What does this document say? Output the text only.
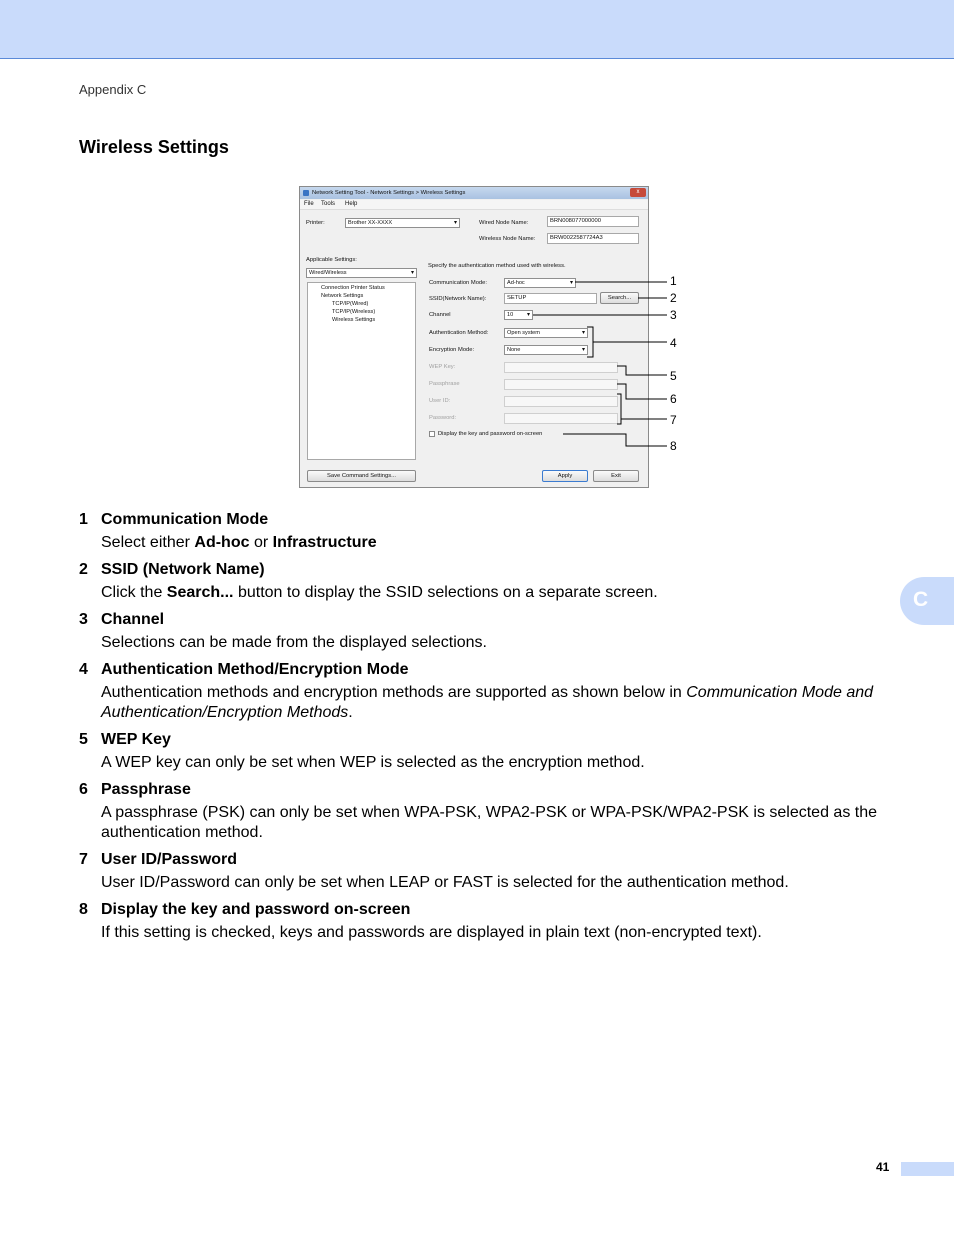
Appendix C
Wireless Settings
Network Setting Tool - Network Settings > Wireless Settings	x
File Tools Help
Printer:	Brother XX-XXXX ▾	Wired Node Name:	BRN008077000000
Wireless Node Name:	BRW0022587724A3
Applicable Settings:
Wired/Wireless ▾
Connection Printer Status
Network Settings
TCP/IP(Wired)
TCP/IP(Wireless)
Wireless Settings
Specify the authentication method used with wireless.
Communication Mode:	Ad-hoc ▾
SSID(Network Name):	SETUP	Search...
Channel	10 ▾
Authentication Method:	Open system ▾
Encryption Mode:	None ▾
WEP Key:
Passphrase
User ID:
Password:
Display the key and password on-screen
Save Command Settings...	Apply	Exit
1
2
3
4
5
6
7
8
1 Communication Mode
Select either Ad-hoc or Infrastructure
2 SSID (Network Name)
Click the Search... button to display the SSID selections on a separate screen.
3 Channel
Selections can be made from the displayed selections.
4 Authentication Method/Encryption Mode
Authentication methods and encryption methods are supported as shown below in Communication Mode and Authentication/Encryption Methods.
5 WEP Key
A WEP key can only be set when WEP is selected as the encryption method.
6 Passphrase
A passphrase (PSK) can only be set when WPA-PSK, WPA2-PSK or WPA-PSK/WPA2-PSK is selected as the authentication method.
7 User ID/Password
User ID/Password can only be set when LEAP or FAST is selected for the authentication method.
8 Display the key and password on-screen
If this setting is checked, keys and passwords are displayed in plain text (non-encrypted text).
C
41
